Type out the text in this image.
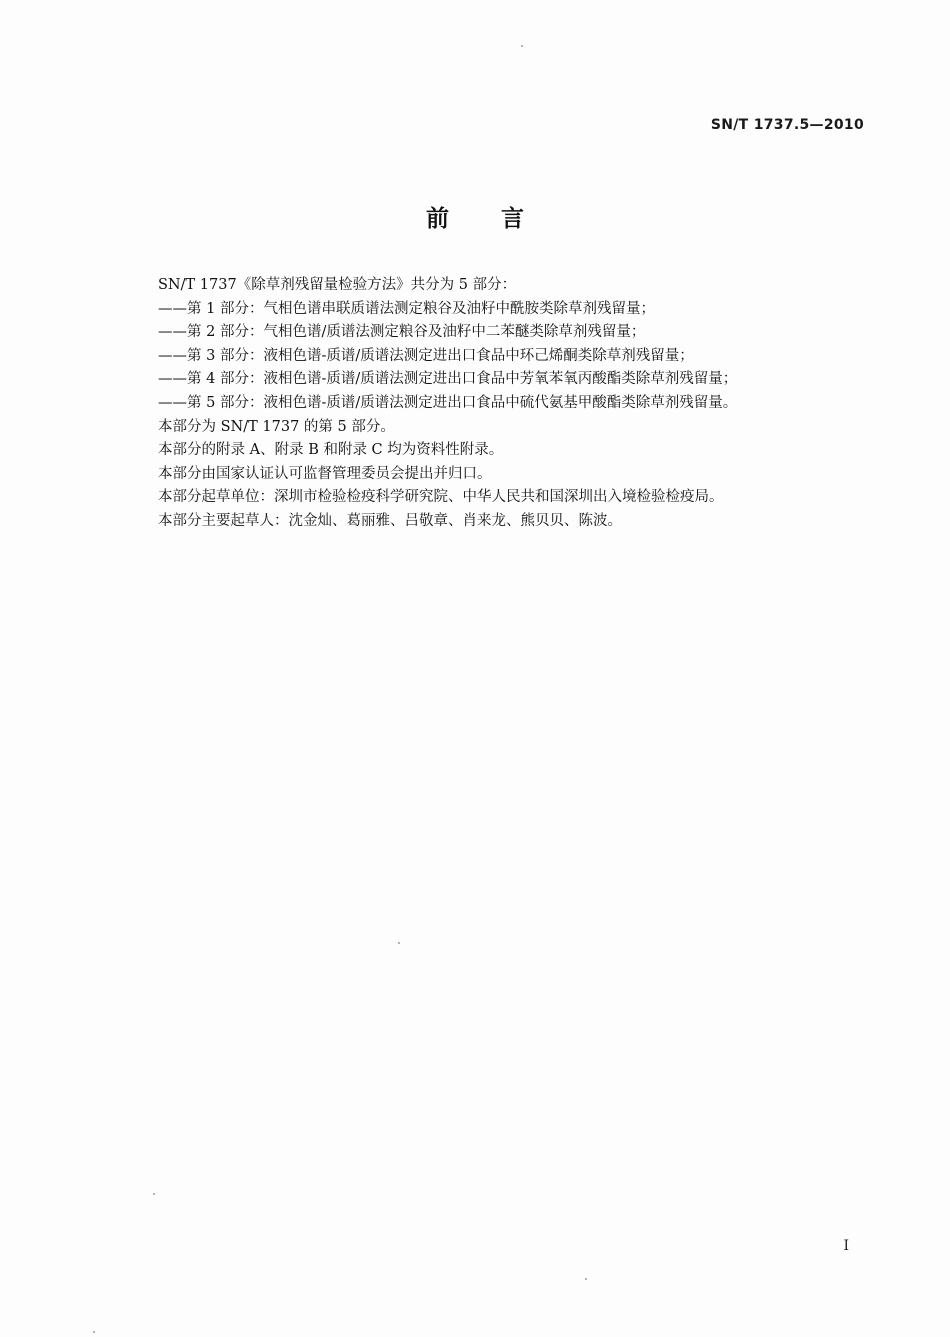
SN/T 1737.5—2010
前言
SN/T 1737《除草剂残留量检验方法》共分为 5 部分：
——第 1 部分：气相色谱串联质谱法测定粮谷及油籽中酰胺类除草剂残留量；
——第 2 部分：气相色谱/质谱法测定粮谷及油籽中二苯醚类除草剂残留量；
——第 3 部分：液相色谱-质谱/质谱法测定进出口食品中环己烯酮类除草剂残留量；
——第 4 部分：液相色谱-质谱/质谱法测定进出口食品中芳氧苯氧丙酸酯类除草剂残留量；
——第 5 部分：液相色谱-质谱/质谱法测定进出口食品中硫代氨基甲酸酯类除草剂残留量。
本部分为 SN/T 1737 的第 5 部分。
本部分的附录 A、附录 B 和附录 C 均为资料性附录。
本部分由国家认证认可监督管理委员会提出并归口。
本部分起草单位：深圳市检验检疫科学研究院、中华人民共和国深圳出入境检验检疫局。
本部分主要起草人：沈金灿、葛丽雅、吕敬章、肖来龙、熊贝贝、陈波。
I
